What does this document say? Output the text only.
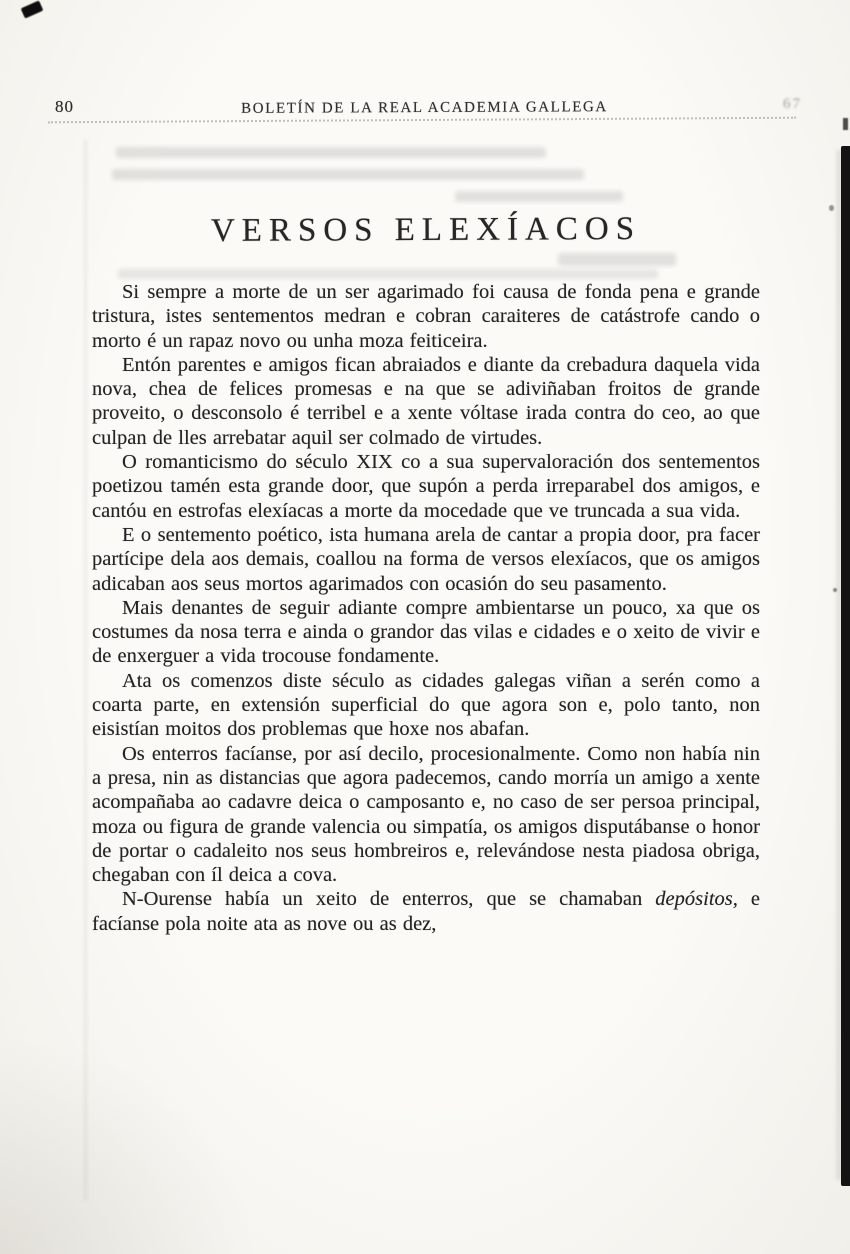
80	BOLETÍN DE LA REAL ACADEMIA GALLEGA	67
VERSOS ELEXÍACOS

Si sempre a morte de un ser agarimado foi causa de fonda pena e grande tristura, istes sentementos medran e cobran caraiteres de catástrofe cando o morto é un rapaz novo ou unha moza feiticeira.

Entón parentes e amigos fican abraiados e diante da crebadura daquela vida nova, chea de felices promesas e na que se adiviñaban froitos de grande proveito, o desconsolo é terribel e a xente vóltase irada contra do ceo, ao que culpan de lles arrebatar aquil ser colmado de virtudes.

O romanticismo do século XIX co a sua supervaloración dos sentementos poetizou tamén esta grande door, que supón a perda irreparabel dos amigos, e cantóu en estrofas elexíacas a morte da mocedade que ve truncada a sua vida.

E o sentemento poético, ista humana arela de cantar a propia door, pra facer partícipe dela aos demais, coallou na forma de versos elexíacos, que os amigos adicaban aos seus mortos agarimados con ocasión do seu pasamento.

Mais denantes de seguir adiante compre ambientarse un pouco, xa que os costumes da nosa terra e ainda o grandor das vilas e cidades e o xeito de vivir e de enxerguer a vida trocouse fondamente.

Ata os comenzos diste século as cidades galegas viñan a serén como a coarta parte, en extensión superficial do que agora son e, polo tanto, non eisistían moitos dos problemas que hoxe nos abafan.

Os enterros facíanse, por así decilo, procesionalmente. Como non había nin a presa, nin as distancias que agora padecemos, cando morría un amigo a xente acompañaba ao cadavre deica o camposanto e, no caso de ser persoa principal, moza ou figura de grande valencia ou simpatía, os amigos disputábanse o honor de portar o cadaleito nos seus hombreiros e, relevándose nesta piadosa obriga, chegaban con íl deica a cova.

N-Ourense había un xeito de enterros, que se chamaban depósitos, e facíanse pola noite ata as nove ou as dez,
